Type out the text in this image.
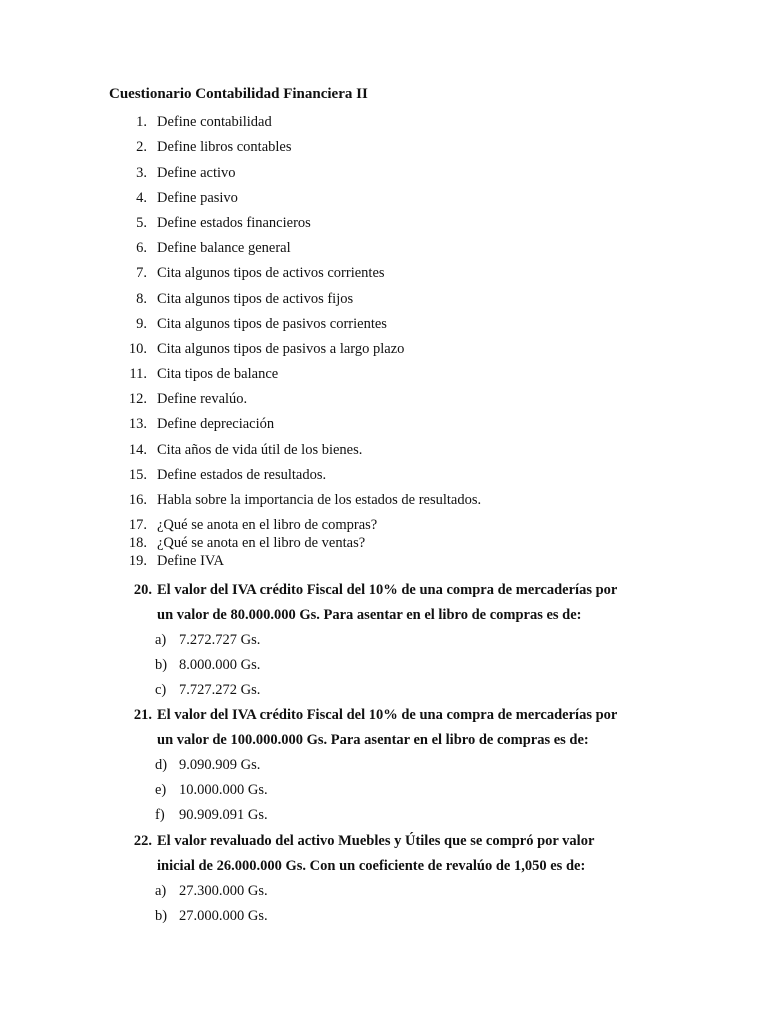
Cuestionario Contabilidad Financiera II
1. Define contabilidad
2. Define libros contables
3. Define activo
4. Define pasivo
5. Define estados financieros
6. Define balance general
7. Cita algunos tipos de activos corrientes
8. Cita algunos tipos de activos fijos
9. Cita algunos tipos de pasivos corrientes
10. Cita algunos tipos de pasivos a largo plazo
11. Cita tipos de balance
12. Define revalúo.
13. Define depreciación
14. Cita años de vida útil de los bienes.
15. Define estados de resultados.
16. Habla sobre la importancia de los estados de resultados.
17. ¿Qué se anota en el libro de compras?
18. ¿Qué se anota en el libro de ventas?
19. Define IVA
20. El valor del IVA crédito Fiscal del 10% de una compra de mercaderías por
un valor de 80.000.000 Gs. Para asentar en el libro de compras es de:
a) 7.272.727 Gs.
b) 8.000.000 Gs.
c) 7.727.272 Gs.
21. El valor del IVA crédito Fiscal del 10% de una compra de mercaderías por
un valor de 100.000.000 Gs. Para asentar en el libro de compras es de:
d) 9.090.909 Gs.
e) 10.000.000 Gs.
f) 90.909.091 Gs.
22. El valor revaluado del activo Muebles y Útiles que se compró por valor
inicial de 26.000.000 Gs. Con un coeficiente de revalúo de 1,050 es de:
a) 27.300.000 Gs.
b) 27.000.000 Gs.
